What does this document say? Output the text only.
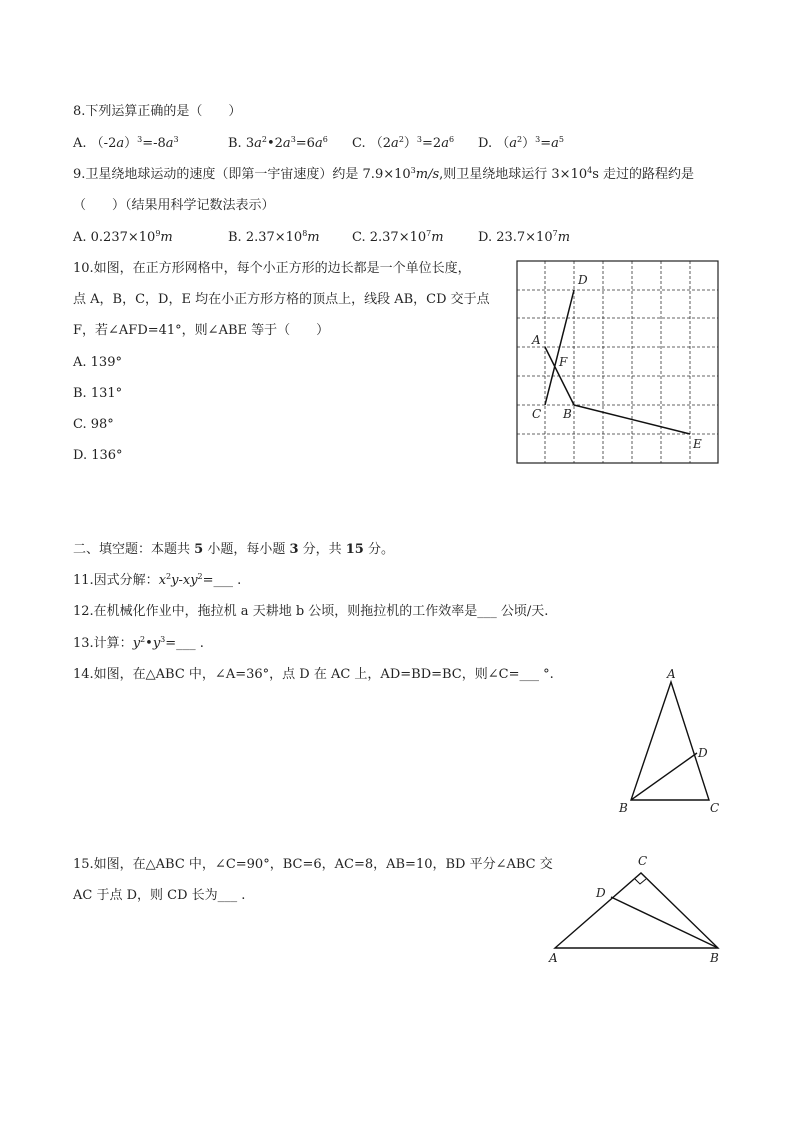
8.下列运算正确的是（　　）
A. $(-2a)^3=-8a^3$	B. $3a^2•2a^3=6a^6$ C. $(2a^2)^3=2a^6$ D. $(a^2)^3=a^5$
9.卫星绕地球运动的速度（即第一宇宙速度）约是 $7.9\times 10^3m/s$,则卫星绕地球运行 $3\times 10^4s$ 走过的路程约是
（　　）（结果用科学记数法表示）
A. $0.237\times 10^9m$	B. $2.37\times 10^8m$ C. $2.37\times 10^7m$	D. $23.7\times 10^7m$
10.如图，在正方形网格中，每个小正方形的边长都是一个单位长度，
点 A，B，C，D，E 均在小正方形方格的顶点上，线段 AB，CD 交于点
F，若∠AFD=41°，则∠ABE 等于（　　）
A. 139°
B. 131°
C. 98°
D. 136°
D
A
F
C B
E
二、填空题：本题共 5 小题，每小题 3 分，共 15 分。
11.因式分解：$x^2y-xy^2=\_\_\_$ .
12.在机械化作业中，拖拉机 a 天耕地 b 公顷，则拖拉机的工作效率是___ 公顷/天.
13.计算：$y^2•y^3=\_\_\_$ .
14.如图，在△ABC 中，∠A=36°，点 D 在 AC 上，AD=BD=BC，则∠C=___ °.	A
D
B	C
15.如图，在△ABC 中，∠C=90°，BC=6，AC=8，AB=10，BD 平分∠ABC 交
AC 于点 D，则 CD 长为___ .
C
D
A	B
